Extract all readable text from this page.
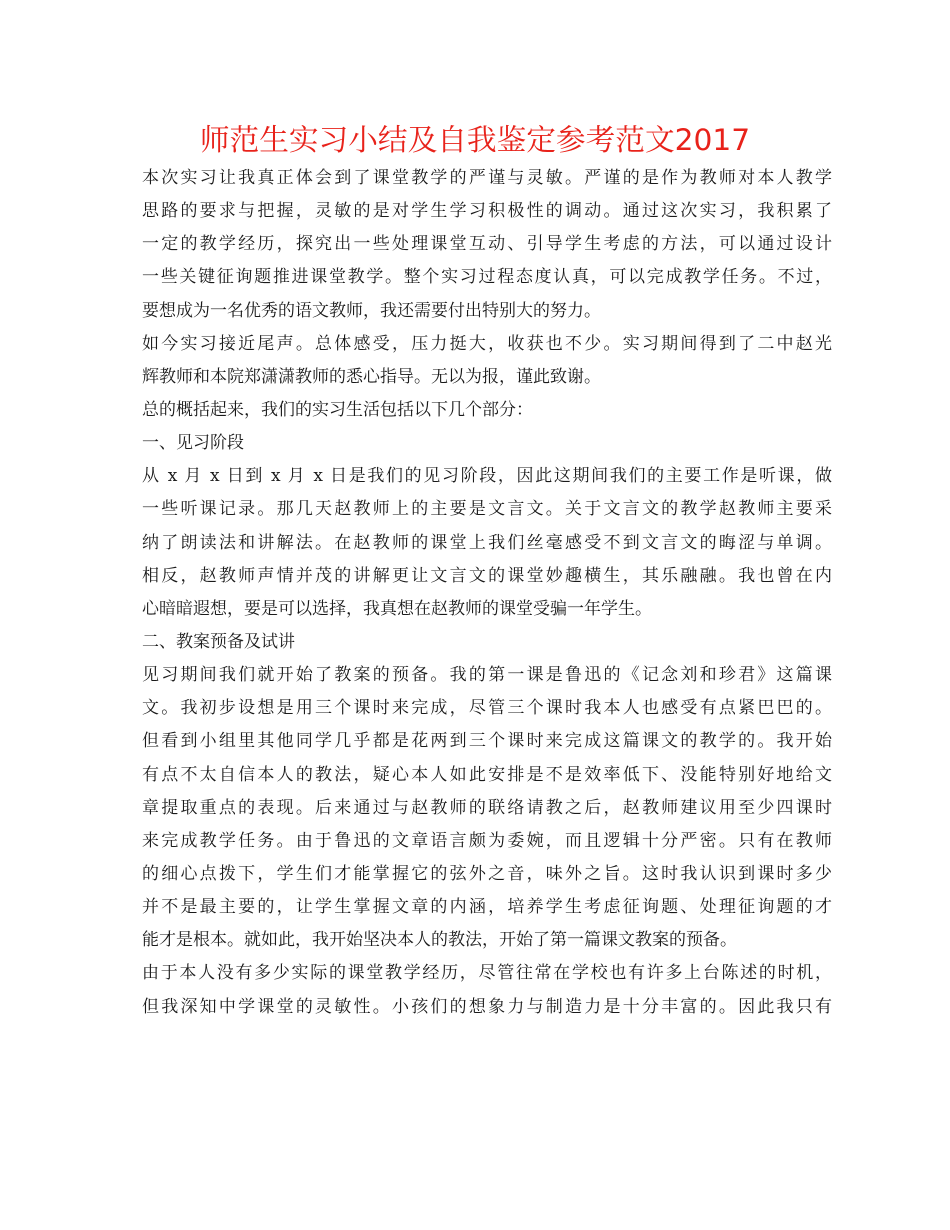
师范生实习小结及自我鉴定参考范文2017
本次实习让我真正体会到了课堂教学的严谨与灵敏。严谨的是作为教师对本人教学
思路的要求与把握，灵敏的是对学生学习积极性的调动。通过这次实习，我积累了
一定的教学经历，探究出一些处理课堂互动、引导学生考虑的方法，可以通过设计
一些关键征询题推进课堂教学。整个实习过程态度认真，可以完成教学任务。不过，
要想成为一名优秀的语文教师，我还需要付出特别大的努力。
如今实习接近尾声。总体感受，压力挺大，收获也不少。实习期间得到了二中赵光
辉教师和本院郑潇潇教师的悉心指导。无以为报，谨此致谢。
总的概括起来，我们的实习生活包括以下几个部分：
一、见习阶段
从 x 月 x 日到 x 月 x 日是我们的见习阶段，因此这期间我们的主要工作是听课，做
一些听课记录。那几天赵教师上的主要是文言文。关于文言文的教学赵教师主要采
纳了朗读法和讲解法。在赵教师的课堂上我们丝毫感受不到文言文的晦涩与单调。
相反，赵教师声情并茂的讲解更让文言文的课堂妙趣横生，其乐融融。我也曾在内
心暗暗遐想，要是可以选择，我真想在赵教师的课堂受骗一年学生。
二、教案预备及试讲
见习期间我们就开始了教案的预备。我的第一课是鲁迅的《记念刘和珍君》这篇课
文。我初步设想是用三个课时来完成，尽管三个课时我本人也感受有点紧巴巴的。
但看到小组里其他同学几乎都是花两到三个课时来完成这篇课文的教学的。我开始
有点不太自信本人的教法，疑心本人如此安排是不是效率低下、没能特别好地给文
章提取重点的表现。后来通过与赵教师的联络请教之后，赵教师建议用至少四课时
来完成教学任务。由于鲁迅的文章语言颇为委婉，而且逻辑十分严密。只有在教师
的细心点拨下，学生们才能掌握它的弦外之音，味外之旨。这时我认识到课时多少
并不是最主要的，让学生掌握文章的内涵，培养学生考虑征询题、处理征询题的才
能才是根本。就如此，我开始坚决本人的教法，开始了第一篇课文教案的预备。
由于本人没有多少实际的课堂教学经历，尽管往常在学校也有许多上台陈述的时机，
但我深知中学课堂的灵敏性。小孩们的想象力与制造力是十分丰富的。因此我只有
